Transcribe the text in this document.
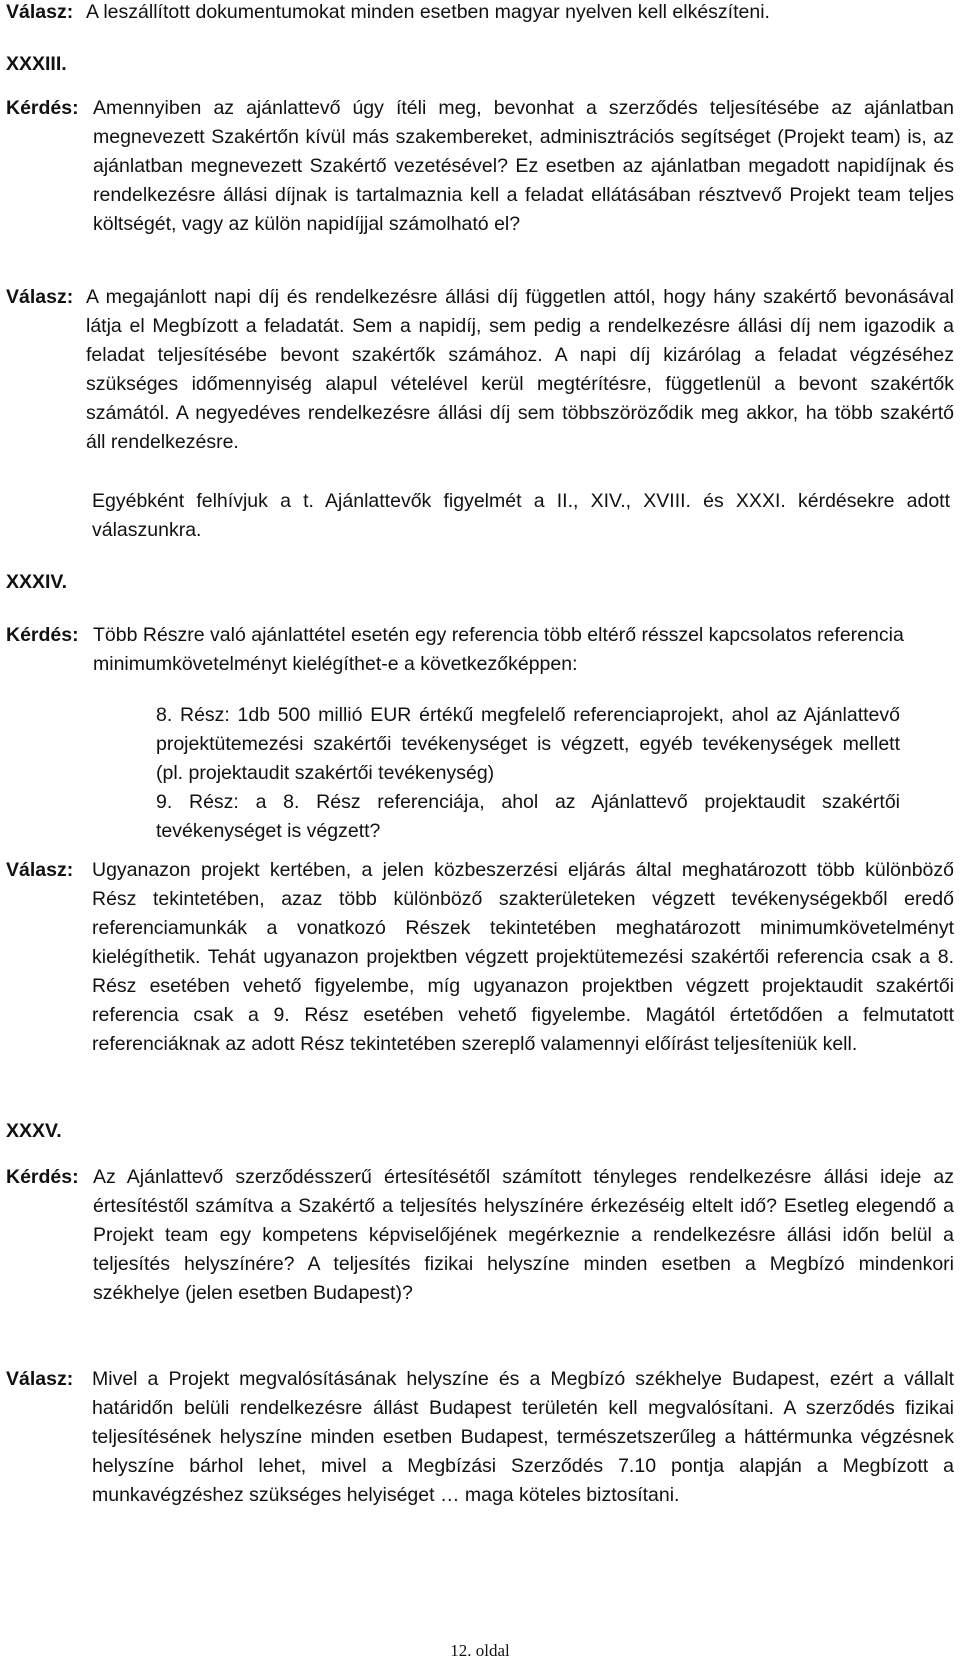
Válasz: A leszállított dokumentumokat minden esetben magyar nyelven kell elkészíteni.
XXXIII.
Kérdés: Amennyiben az ajánlattevő úgy ítéli meg, bevonhat a szerződés teljesítésébe az ajánlatban megnevezett Szakértőn kívül más szakembereket, adminisztrációs segítséget (Projekt team) is, az ajánlatban megnevezett Szakértő vezetésével? Ez esetben az ajánlatban megadott napidíjnak és rendelkezésre állási díjnak is tartalmaznia kell a feladat ellátásában résztvevő Projekt team teljes költségét, vagy az külön napidíjjal számolható el?
Válasz: A megajánlott napi díj és rendelkezésre állási díj független attól, hogy hány szakértő bevonásával látja el Megbízott a feladatát. Sem a napidíj, sem pedig a rendelkezésre állási díj nem igazodik a feladat teljesítésébe bevont szakértők számához. A napi díj kizárólag a feladat végzéséhez szükséges időmennyiség alapul vételével kerül megtérítésre, függetlenül a bevont szakértők számától. A negyedéves rendelkezésre állási díj sem többszöröződik meg akkor, ha több szakértő áll rendelkezésre.
Egyébként felhívjuk a t. Ajánlattevők figyelmét a II., XIV., XVIII. és XXXI. kérdésekre adott válaszunkra.
XXXIV.
Kérdés: Több Részre való ajánlattétel esetén egy referencia több eltérő résszel kapcsolatos referencia minimumkövetelményt kielégíthet-e a következőképpen:
8. Rész: 1db 500 millió EUR értékű megfelelő referenciaprojekt, ahol az Ajánlattevő projektütemezési szakértői tevékenységet is végzett, egyéb tevékenységek mellett (pl. projektaudit szakértői tevékenység)
9. Rész: a 8. Rész referenciája, ahol az Ajánlattevő projektaudit szakértői tevékenységet is végzett?
Válasz: Ugyanazon projekt kertében, a jelen közbeszerzési eljárás által meghatározott több különböző Rész tekintetében, azaz több különböző szakterületeken végzett tevékenységekből eredő referenciamunkák a vonatkozó Részek tekintetében meghatározott minimumkövetelményt kielégíthetik. Tehát ugyanazon projektben végzett projektütemezési szakértői referencia csak a 8. Rész esetében vehető figyelembe, míg ugyanazon projektben végzett projektaudit szakértői referencia csak a 9. Rész esetében vehető figyelembe. Magától értetődően a felmutatott referenciáknak az adott Rész tekintetében szereplő valamennyi előírást teljesíteniük kell.
XXXV.
Kérdés: Az Ajánlattevő szerződésszerű értesítésétől számított tényleges rendelkezésre állási ideje az értesítéstől számítva a Szakértő a teljesítés helyszínére érkezéséig eltelt idő? Esetleg elegendő a Projekt team egy kompetens képviselőjének megérkeznie a rendelkezésre állási időn belül a teljesítés helyszínére? A teljesítés fizikai helyszíne minden esetben a Megbízó mindenkori székhelye (jelen esetben Budapest)?
Válasz: Mivel a Projekt megvalósításának helyszíne és a Megbízó székhelye Budapest, ezért a vállalt határidőn belüli rendelkezésre állást Budapest területén kell megvalósítani. A szerződés fizikai teljesítésének helyszíne minden esetben Budapest, természetszerűleg a háttérmunka végzésnek helyszíne bárhol lehet, mivel a Megbízási Szerződés 7.10 pontja alapján a Megbízott a munkavégzéshez szükséges helyiséget … maga köteles biztosítani.
12. oldal
